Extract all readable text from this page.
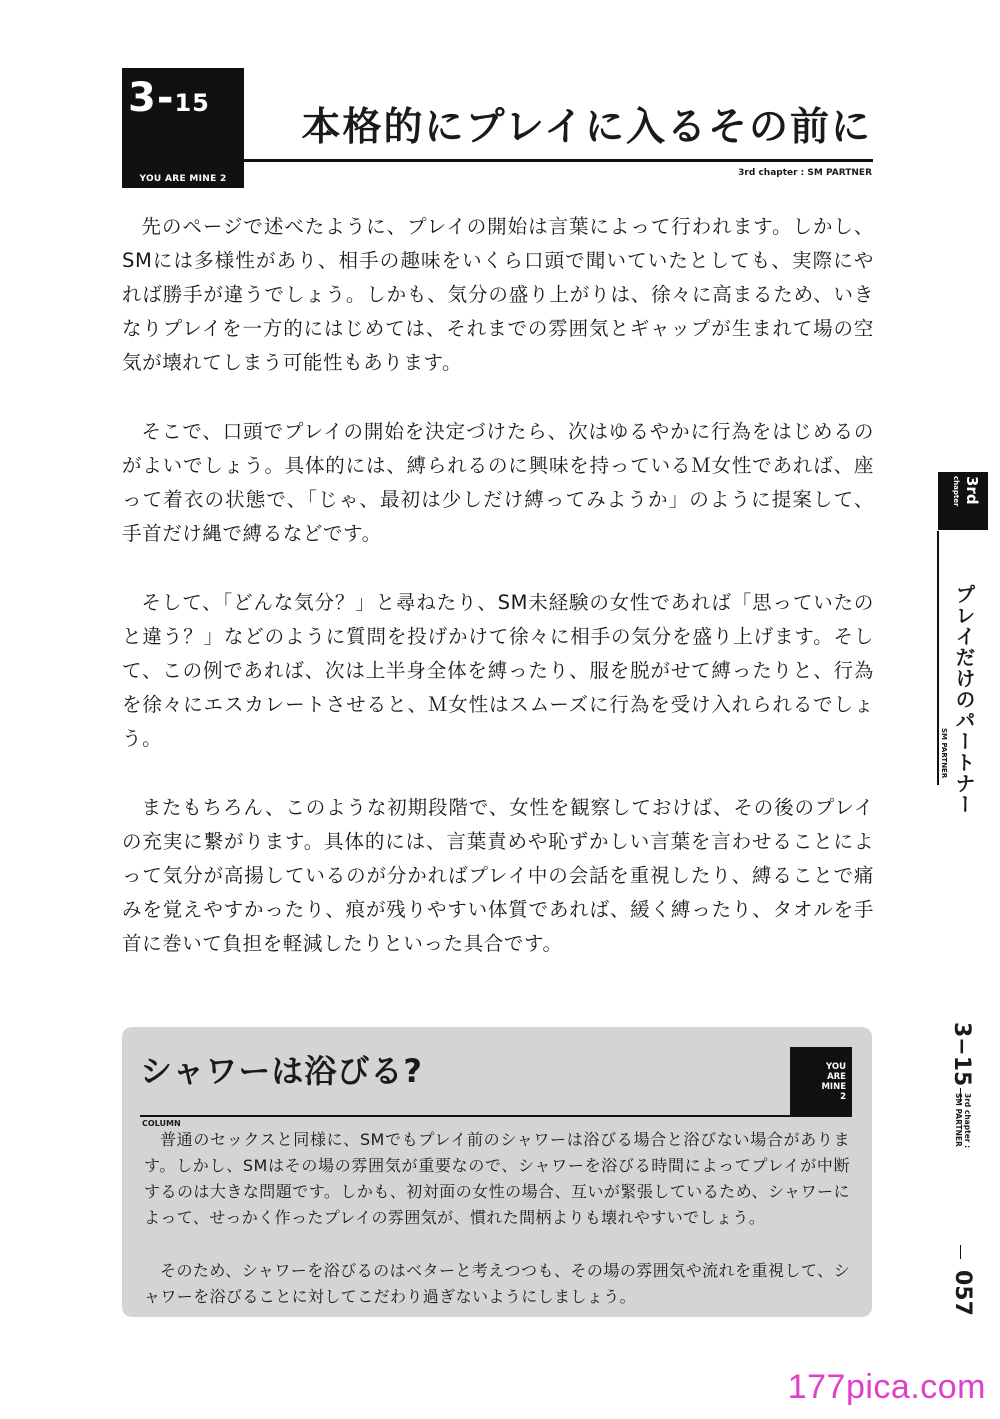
3-15
YOU ARE MINE 2
本格的にプレイに入るその前に
3rd chapter : SM PARTNER

先のページで述べたように、プレイの開始は言葉によって行われます。しかし、SMには多様性があり、相手の趣味をいくら口頭で聞いていたとしても、実際にやれば勝手が違うでしょう。しかも、気分の盛り上がりは、徐々に高まるため、いきなりプレイを一方的にはじめては、それまでの雰囲気とギャップが生まれて場の空気が壊れてしまう可能性もあります。

そこで、口頭でプレイの開始を決定づけたら、次はゆるやかに行為をはじめるのがよいでしょう。具体的には、縛られるのに興味を持っているＭ女性であれば、座って着衣の状態で、「じゃ、最初は少しだけ縛ってみようか」のように提案して、手首だけ縄で縛るなどです。

そして、「どんな気分？」と尋ねたり、SM未経験の女性であれば「思っていたのと違う？」などのように質問を投げかけて徐々に相手の気分を盛り上げます。そして、この例であれば、次は上半身全体を縛ったり、服を脱がせて縛ったりと、行為を徐々にエスカレートさせると、Ｍ女性はスムーズに行為を受け入れられるでしょう。

またもちろん、このような初期段階で、女性を観察しておけば、その後のプレイの充実に繋がります。具体的には、言葉責めや恥ずかしい言葉を言わせることによって気分が高揚しているのが分かればプレイ中の会話を重視したり、縛ることで痛みを覚えやすかったり、痕が残りやすい体質であれば、緩く縛ったり、タオルを手首に巻いて負担を軽減したりといった具合です。

シャワーは浴びる?	YOU
ARE
MINE
2
COLUMN

普通のセックスと同様に、SMでもプレイ前のシャワーは浴びる場合と浴びない場合があります。しかし、SMはその場の雰囲気が重要なので、シャワーを浴びる時間によってプレイが中断するのは大きな問題です。しかも、初対面の女性の場合、互いが緊張しているため、シャワーによって、せっかく作ったプレイの雰囲気が、慣れた間柄よりも壊れやすいでしょう。

そのため、シャワーを浴びるのはベターと考えつつも、その場の雰囲気や流れを重視して、シャワーを浴びることに対してこだわり過ぎないようにしましょう。

3rd chapter
プレイだけのパートナー
SM PARTNER
3−15
3rd chapter :
SM PARTNER
057
177pica.com
